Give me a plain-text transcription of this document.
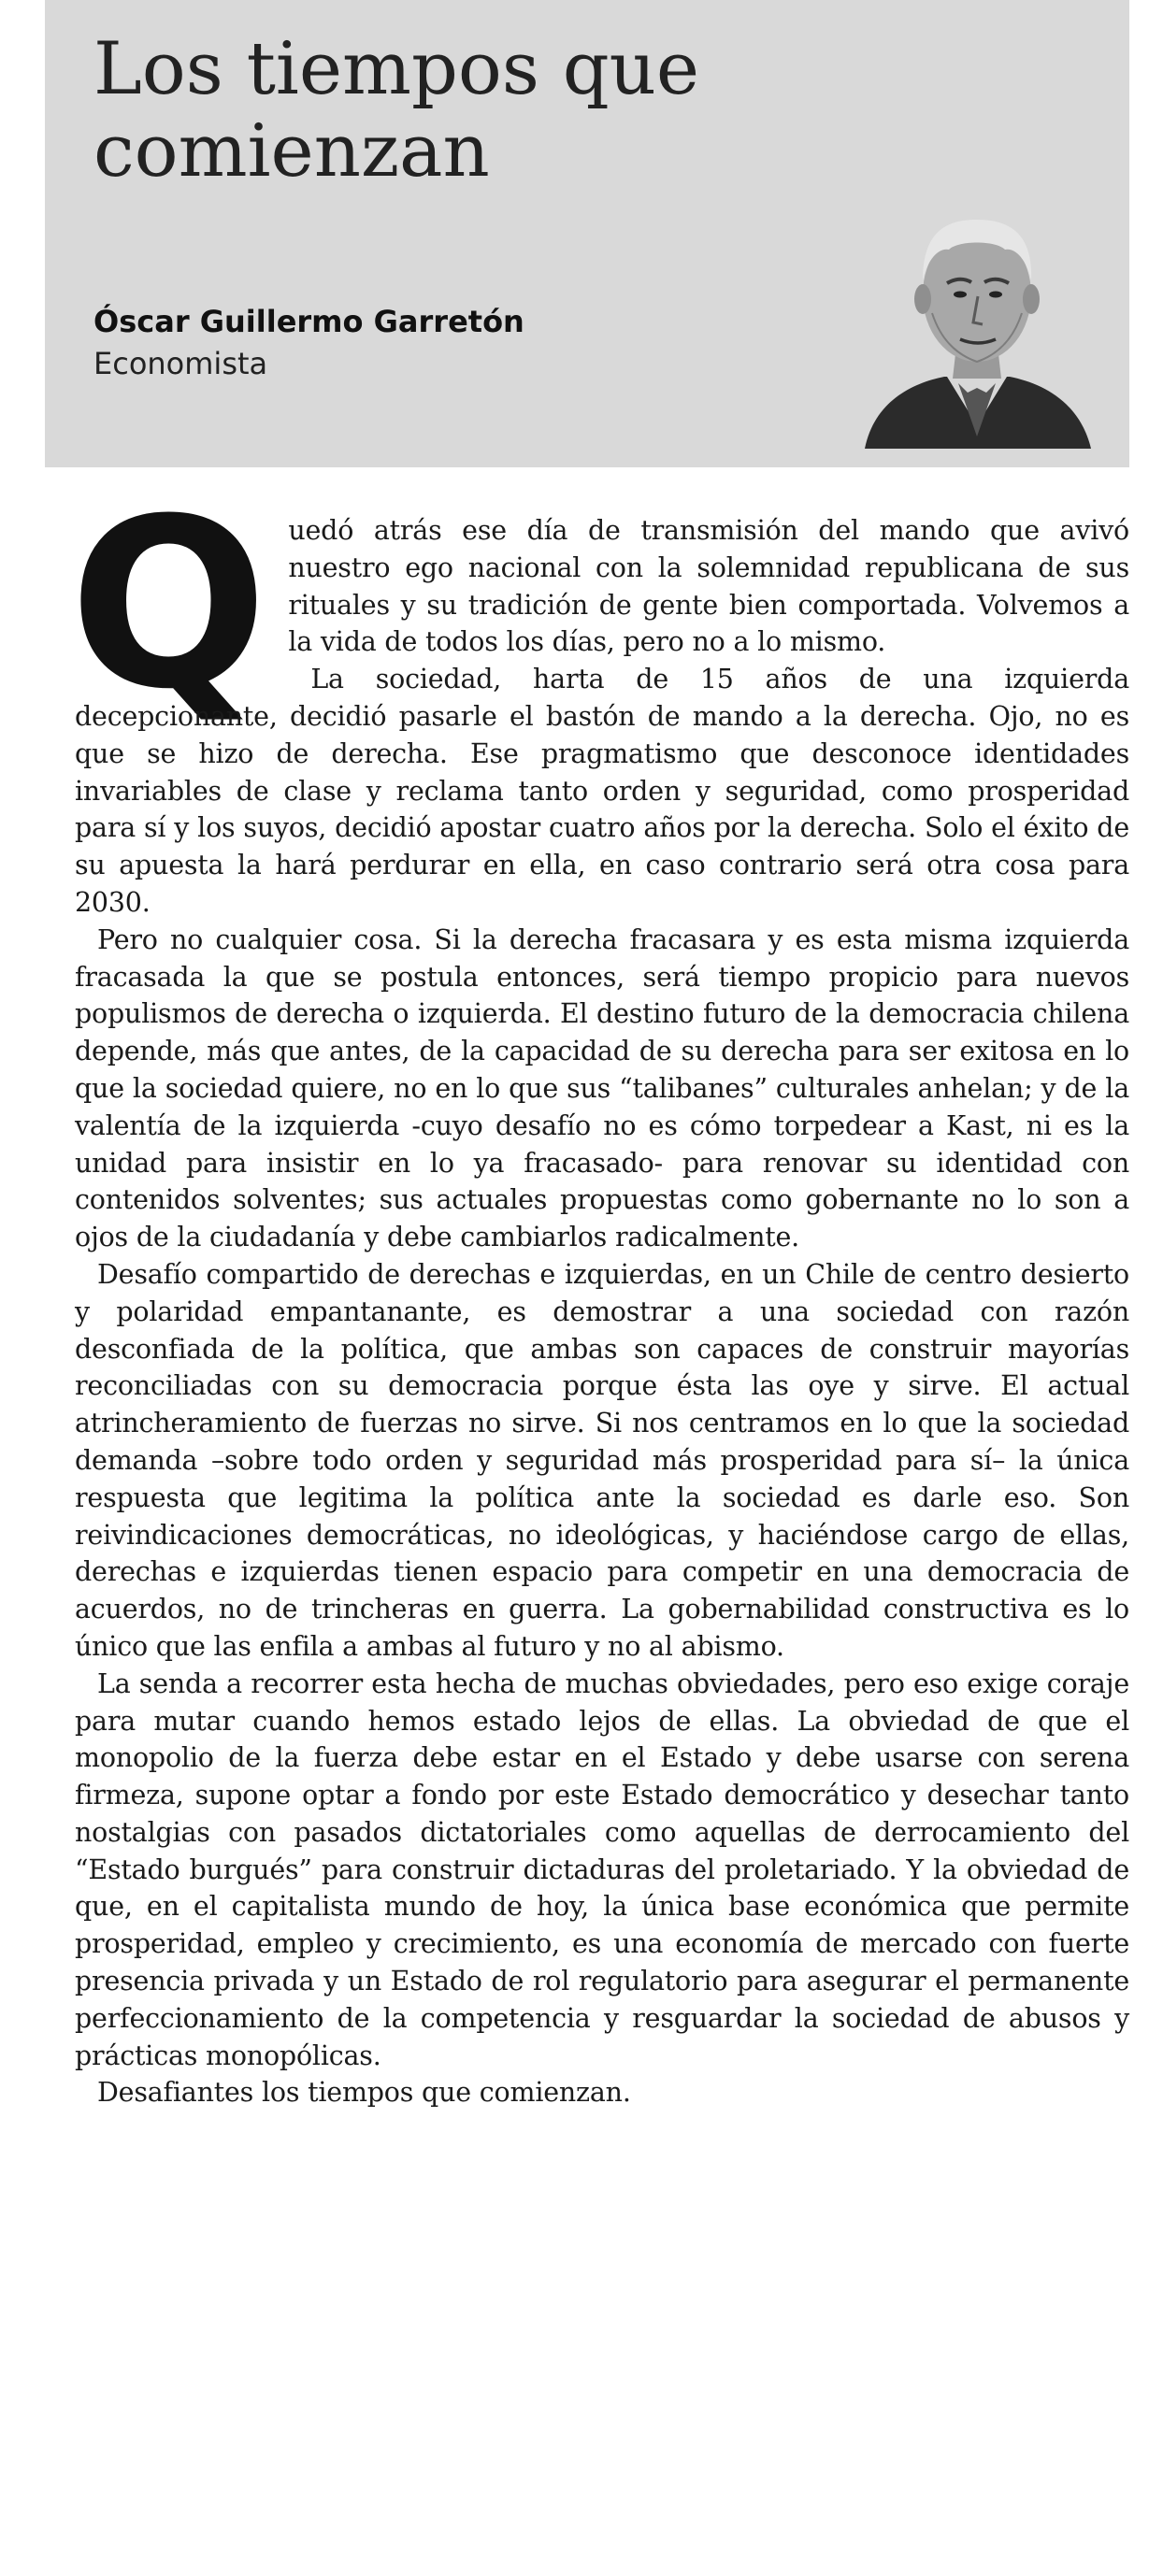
Los tiempos que comienzan
Óscar Guillermo Garretón
Economista

Quedó atrás ese día de transmisión del mando que avivó nuestro ego nacional con la solemnidad republicana de sus rituales y su tradición de gente bien comportada. Volvemos a la vida de todos los días, pero no a lo mismo.

La sociedad, harta de 15 años de una izquierda decepcionante, decidió pasarle el bastón de mando a la derecha. Ojo, no es que se hizo de derecha. Ese pragmatismo que desconoce identidades invariables de clase y reclama tanto orden y seguridad, como prosperidad para sí y los suyos, decidió apostar cuatro años por la derecha. Solo el éxito de su apuesta la hará perdurar en ella, en caso contrario será otra cosa para 2030.

Pero no cualquier cosa. Si la derecha fracasara y es esta misma izquierda fracasada la que se postula entonces, será tiempo propicio para nuevos populismos de derecha o izquierda. El destino futuro de la democracia chilena depende, más que antes, de la capacidad de su derecha para ser exitosa en lo que la sociedad quiere, no en lo que sus “talibanes” culturales anhelan; y de la valentía de la izquierda -cuyo desafío no es cómo torpedear a Kast, ni es la unidad para insistir en lo ya fracasado- para renovar su identidad con contenidos solventes; sus actuales propuestas como gobernante no lo son a ojos de la ciudadanía y debe cambiarlos radicalmente.

Desafío compartido de derechas e izquierdas, en un Chile de centro desierto y polaridad empantanante, es demostrar a una sociedad con razón desconfiada de la política, que ambas son capaces de construir mayorías reconciliadas con su democracia porque ésta las oye y sirve. El actual atrincheramiento de fuerzas no sirve. Si nos centramos en lo que la sociedad demanda –sobre todo orden y seguridad más prosperidad para sí– la única respuesta que legitima la política ante la sociedad es darle eso. Son reivindicaciones democráticas, no ideológicas, y haciéndose cargo de ellas, derechas e izquierdas tienen espacio para competir en una democracia de acuerdos, no de trincheras en guerra. La gobernabilidad constructiva es lo único que las enfila a ambas al futuro y no al abismo.

La senda a recorrer esta hecha de muchas obviedades, pero eso exige coraje para mutar cuando hemos estado lejos de ellas. La obviedad de que el monopolio de la fuerza debe estar en el Estado y debe usarse con serena firmeza, supone optar a fondo por este Estado democrático y desechar tanto nostalgias con pasados dictatoriales como aquellas de derrocamiento del “Estado burgués” para construir dictaduras del proletariado. Y la obviedad de que, en el capitalista mundo de hoy, la única base económica que permite prosperidad, empleo y crecimiento, es una economía de mercado con fuerte presencia privada y un Estado de rol regulatorio para asegurar el permanente perfeccionamiento de la competencia y resguardar la sociedad de abusos y prácticas monopólicas.

Desafiantes los tiempos que comienzan.
